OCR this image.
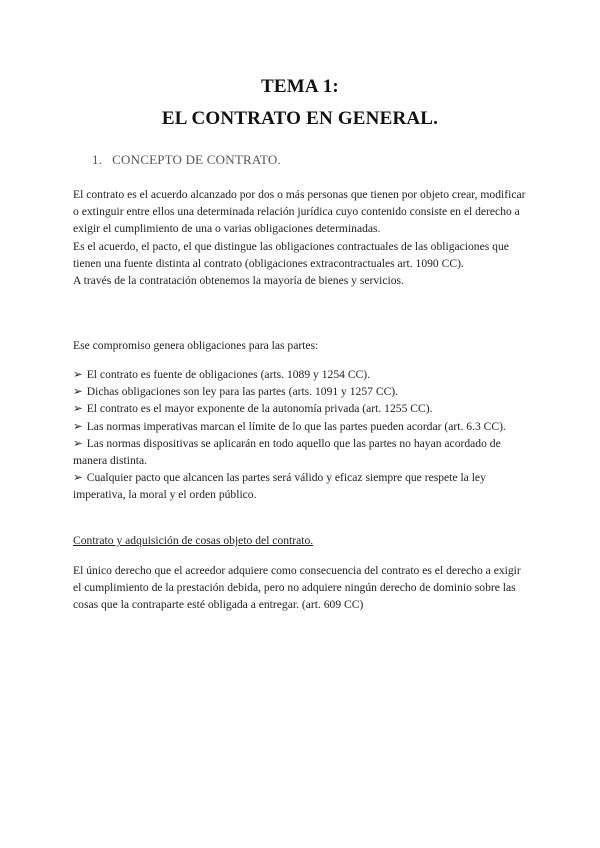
TEMA 1:
EL CONTRATO EN GENERAL.
1. CONCEPTO DE CONTRATO.

El contrato es el acuerdo alcanzado por dos o más personas que tienen por objeto crear, modificar o extinguir entre ellos una determinada relación jurídica cuyo contenido consiste en el derecho a exigir el cumplimiento de una o varias obligaciones determinadas.

Es el acuerdo, el pacto, el que distingue las obligaciones contractuales de las obligaciones que tienen una fuente distinta al contrato (obligaciones extracontractuales art. 1090 CC).

A través de la contratación obtenemos la mayoría de bienes y servicios.

Ese compromiso genera obligaciones para las partes:

➢ El contrato es fuente de obligaciones (arts. 1089 y 1254 CC).

➢ Dichas obligaciones son ley para las partes (arts. 1091 y 1257 CC).

➢ El contrato es el mayor exponente de la autonomía privada (art. 1255 CC).

➢ Las normas imperativas marcan el límite de lo que las partes pueden acordar (art. 6.3 CC).

➢ Las normas dispositivas se aplicarán en todo aquello que las partes no hayan acordado de manera distinta.

➢ Cualquier pacto que alcancen las partes será válido y eficaz siempre que respete la ley imperativa, la moral y el orden público.

Contrato y adquisición de cosas objeto del contrato.

El único derecho que el acreedor adquiere como consecuencia del contrato es el derecho a exigir el cumplimiento de la prestación debida, pero no adquiere ningún derecho de dominio sobre las cosas que la contraparte esté obligada a entregar. (art. 609 CC)
